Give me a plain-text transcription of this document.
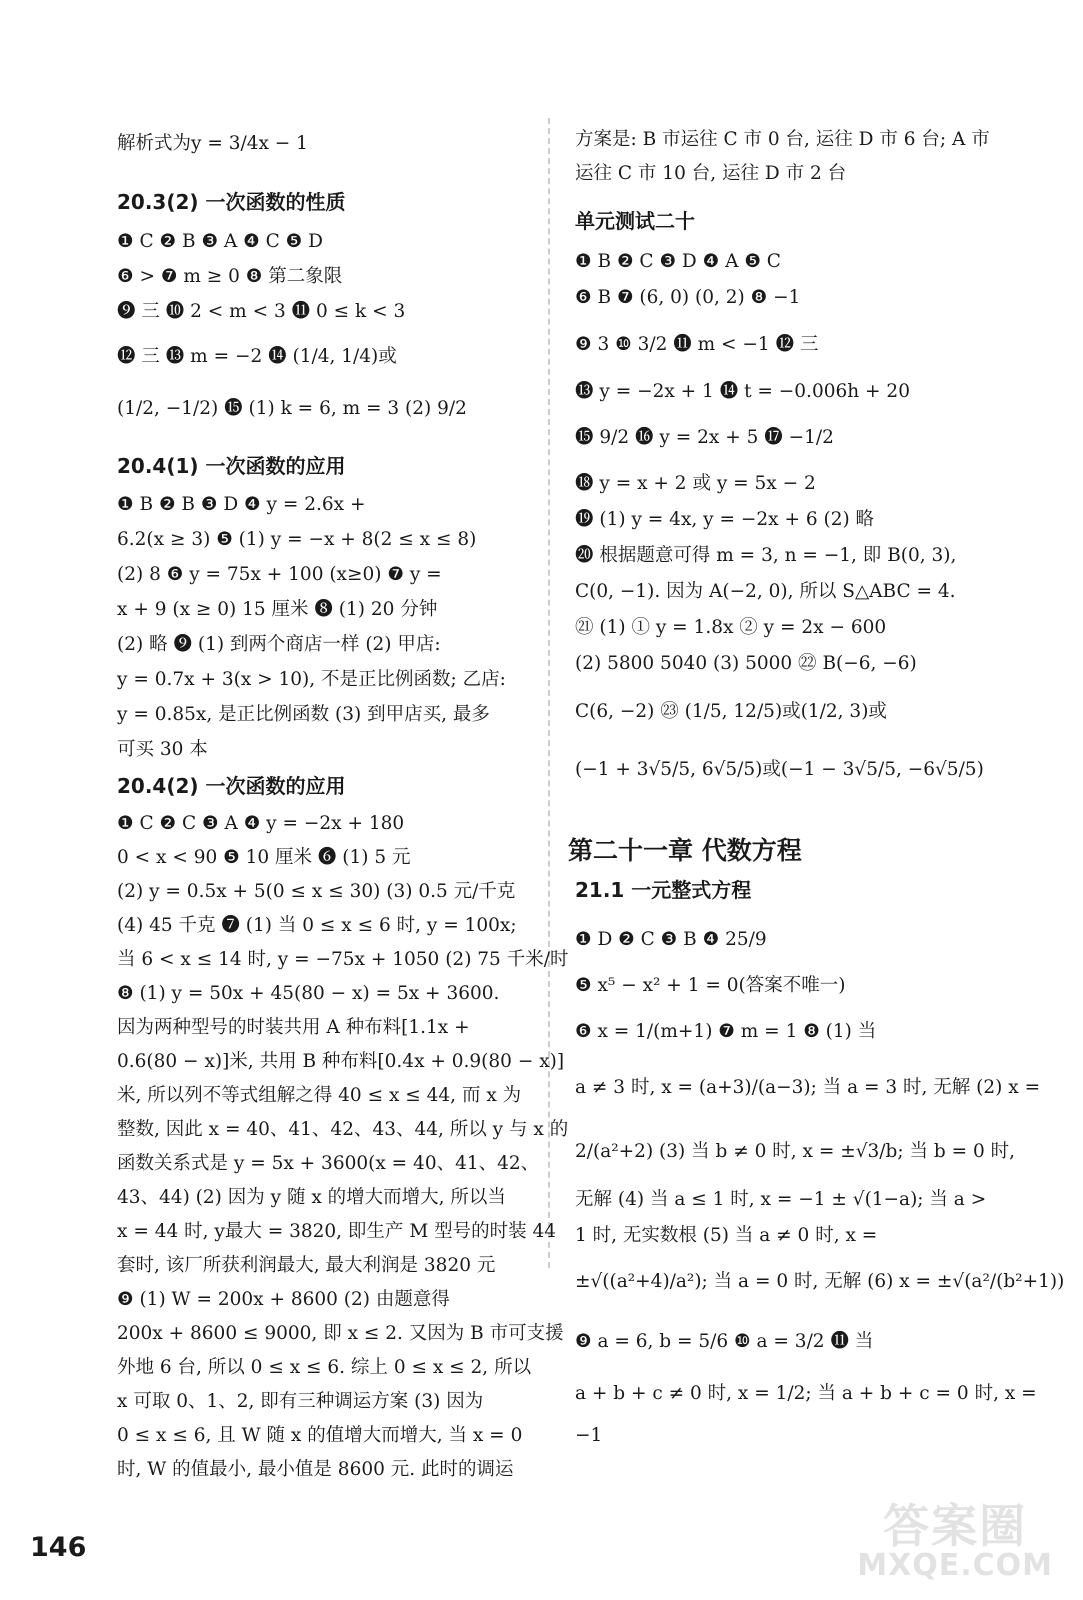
解析式为y = 3/4x − 1
20.3(2) 一次函数的性质
❶ C ❷ B ❸ A ❹ C ❺ D
❻ > ❼ m ≥ 0 ❽ 第二象限
❾ 三 ❿ 2 < m < 3 ⓫ 0 ≤ k < 3
⓬ 三 ⓭ m = −2 ⓮ (1/4, 1/4)或
(1/2, −1/2) ⓯ (1) k = 6, m = 3 (2) 9/2
20.4(1) 一次函数的应用
❶ B ❷ B ❸ D ❹ y = 2.6x +
6.2(x ≥ 3) ❺ (1) y = −x + 8(2 ≤ x ≤ 8)
(2) 8 ❻ y = 75x + 100 (x≥0) ❼ y =
x + 9 (x ≥ 0) 15 厘米 ❽ (1) 20 分钟
(2) 略 ❾ (1) 到两个商店一样 (2) 甲店:
y = 0.7x + 3(x > 10), 不是正比例函数; 乙店:
y = 0.85x, 是正比例函数 (3) 到甲店买, 最多
可买 30 本
20.4(2) 一次函数的应用
❶ C ❷ C ❸ A ❹ y = −2x + 180
0 < x < 90 ❺ 10 厘米 ❻ (1) 5 元
(2) y = 0.5x + 5(0 ≤ x ≤ 30) (3) 0.5 元/千克
(4) 45 千克 ❼ (1) 当 0 ≤ x ≤ 6 时, y = 100x;
当 6 < x ≤ 14 时, y = −75x + 1050 (2) 75 千米/时
❽ (1) y = 50x + 45(80 − x) = 5x + 3600.
因为两种型号的时装共用 A 种布料[1.1x +
0.6(80 − x)]米, 共用 B 种布料[0.4x + 0.9(80 − x)]
米, 所以列不等式组解之得 40 ≤ x ≤ 44, 而 x 为
整数, 因此 x = 40、41、42、43、44, 所以 y 与 x 的
函数关系式是 y = 5x + 3600(x = 40、41、42、
43、44) (2) 因为 y 随 x 的增大而增大, 所以当
x = 44 时, y最大 = 3820, 即生产 M 型号的时装 44
套时, 该厂所获利润最大, 最大利润是 3820 元
❾ (1) W = 200x + 8600 (2) 由题意得
200x + 8600 ≤ 9000, 即 x ≤ 2. 又因为 B 市可支援
外地 6 台, 所以 0 ≤ x ≤ 6. 综上 0 ≤ x ≤ 2, 所以
x 可取 0、1、2, 即有三种调运方案 (3) 因为
0 ≤ x ≤ 6, 且 W 随 x 的值增大而增大, 当 x = 0
时, W 的值最小, 最小值是 8600 元. 此时的调运
方案是: B 市运往 C 市 0 台, 运往 D 市 6 台; A 市
运往 C 市 10 台, 运往 D 市 2 台
单元测试二十
❶ B ❷ C ❸ D ❹ A ❺ C
❻ B ❼ (6, 0) (0, 2) ❽ −1
❾ 3 ❿ 3/2 ⓫ m < −1 ⓬ 三
⓭ y = −2x + 1 ⓮ t = −0.006h + 20
⓯ 9/2 ⓰ y = 2x + 5 ⓱ −1/2
⓲ y = x + 2 或 y = 5x − 2
⓳ (1) y = 4x, y = −2x + 6 (2) 略
⓴ 根据题意可得 m = 3, n = −1, 即 B(0, 3),
C(0, −1). 因为 A(−2, 0), 所以 S△ABC = 4.
㉑ (1) ① y = 1.8x ② y = 2x − 600
(2) 5800 5040 (3) 5000 ㉒ B(−6, −6)
C(6, −2) ㉓ (1/5, 12/5)或(1/2, 3)或
(−1 + 3√5/5, 6√5/5)或(−1 − 3√5/5, −6√5/5)
第二十一章 代数方程
21.1 一元整式方程
❶ D ❷ C ❸ B ❹ 25/9
❺ x⁵ − x² + 1 = 0(答案不唯一)
❻ x = 1/(m+1) ❼ m = 1 ❽ (1) 当
a ≠ 3 时, x = (a+3)/(a−3); 当 a = 3 时, 无解 (2) x =
2/(a²+2) (3) 当 b ≠ 0 时, x = ±√3/b; 当 b = 0 时,
无解 (4) 当 a ≤ 1 时, x = −1 ± √(1−a); 当 a >
1 时, 无实数根 (5) 当 a ≠ 0 时, x =
±√((a²+4)/a²); 当 a = 0 时, 无解 (6) x = ±√(a²/(b²+1))
❾ a = 6, b = 5/6 ❿ a = 3/2 ⓫ 当
a + b + c ≠ 0 时, x = 1/2; 当 a + b + c = 0 时, x =
−1
146	答案圈
MXQE.COM
